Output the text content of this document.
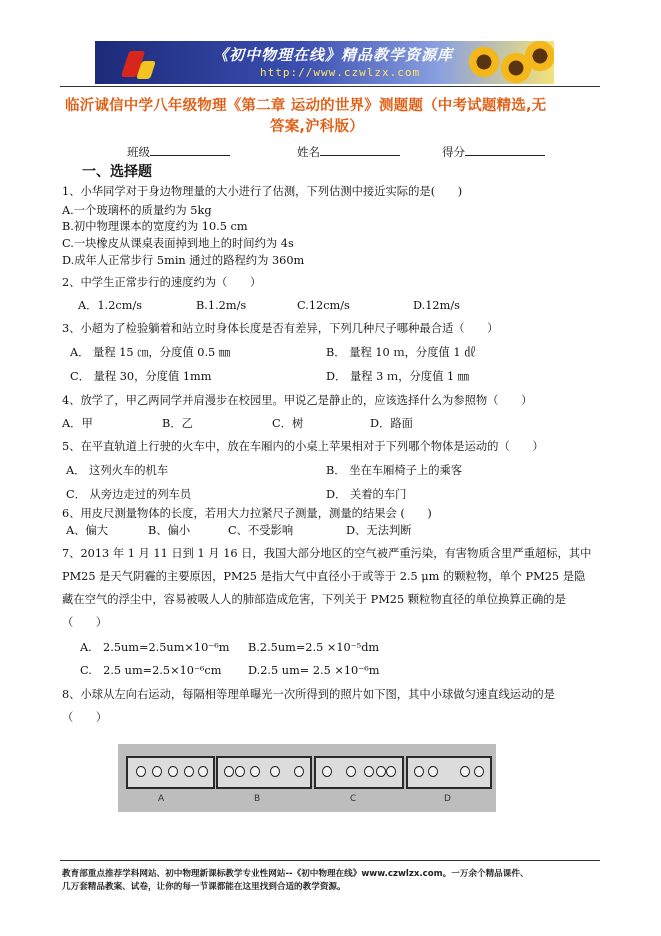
《初中物理在线》精品教学资源库
http://www.czwlzx.com
临沂诚信中学八年级物理《第二章 运动的世界》测题题（中考试题精选,无
答案,沪科版）
班级	姓名	得分
一、选择题
1、小华同学对于身边物理量的大小进行了估测，下列估测中接近实际的是(　　)
A.一个玻璃杯的质量约为 5kg
B.初中物理课本的宽度约为 10.5 cm
C.一块橡皮从课桌表面掉到地上的时间约为 4s
D.成年人正常步行 5min 通过的路程约为 360m
2、中学生正常步行的速度约为（　　）
A．1.2cm/s	B.1.2m/s	C.12cm/s	D.12m/s
3、小超为了检验躺着和站立时身体长度是否有差异，下列几种尺子哪种最合适（　　）
A． 量程 15 ㎝，分度值 0.5 ㎜	B． 量程 10 ｍ，分度值 1 ㎗
C． 量程 30，分度值 1mm	D． 量程 3 ｍ，分度值 1 ㎜
4、放学了，甲乙两同学并肩漫步在校园里。甲说乙是静止的，应该选择什么为参照物（　　）
A．甲	B．乙	C．树	D．路面
5、在平直轨道上行驶的火车中，放在车厢内的小桌上苹果相对于下列哪个物体是运动的（　　）
A． 这列火车的机车	B． 坐在车厢椅子上的乘客
C． 从旁边走过的列车员	D． 关着的车门
6、用皮尺测量物体的长度，若用大力拉紧尺子测量，测量的结果会 (　　)
A、偏大	B、偏小	C、不受影响	D、无法判断
7、2013 年 1 月 11 日到 1 月 16 日，我国大部分地区的空气被严重污染，有害物质含里严重超标，其中
PM25 是天气阴霾的主要原因，PM25 是指大气中直径小于或等于 2.5 μm 的颗粒物，单个 PM25 是隐
藏在空气的浮尘中，容易被吸人人的肺部造成危害，下列关于 PM25 颗粒物直径的单位换算正确的是
（　　）
A.　2.5um=2.5um×10⁻⁶m B.2.5um=2.5 ×10⁻⁵dm
C.　2.5 um=2.5×10⁻⁶cm D.2.5 um= 2.5 ×10⁻⁶m
8、小球从左向右运动，每隔相等理单曝光一次所得到的照片如下图，其中小球做匀速直线运动的是
（　　）
A	B	C	D
教育部重点推荐学科网站、初中物理新课标教学专业性网站--《初中物理在线》www.czwlzx.com。一万余个精品课件、
几万套精品教案、试卷，让你的每一节课都能在这里找到合适的教学资源。
